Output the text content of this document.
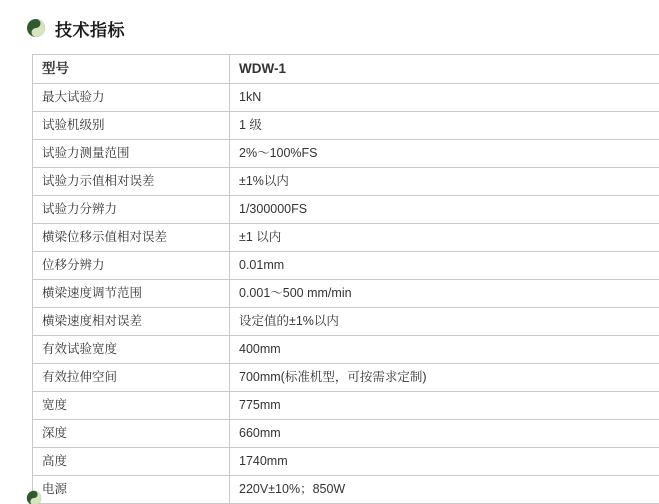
技术指标
型号	WDW-1
最大试验力	1kN
试验机级别	1 级
试验力测量范围	2%～100%FS
试验力示值相对误差	±1%以内
试验力分辨力	1/300000FS
横梁位移示值相对误差	±1 以内
位移分辨力	0.01mm
横梁速度调节范围	0.001～500 mm/min
横梁速度相对误差	设定值的±1%以内
有效试验宽度	400mm
有效拉伸空间	700mm(标准机型，可按需求定制)
宽度	775mm
深度	660mm
高度	1740mm
电源	220V±10%；850W
